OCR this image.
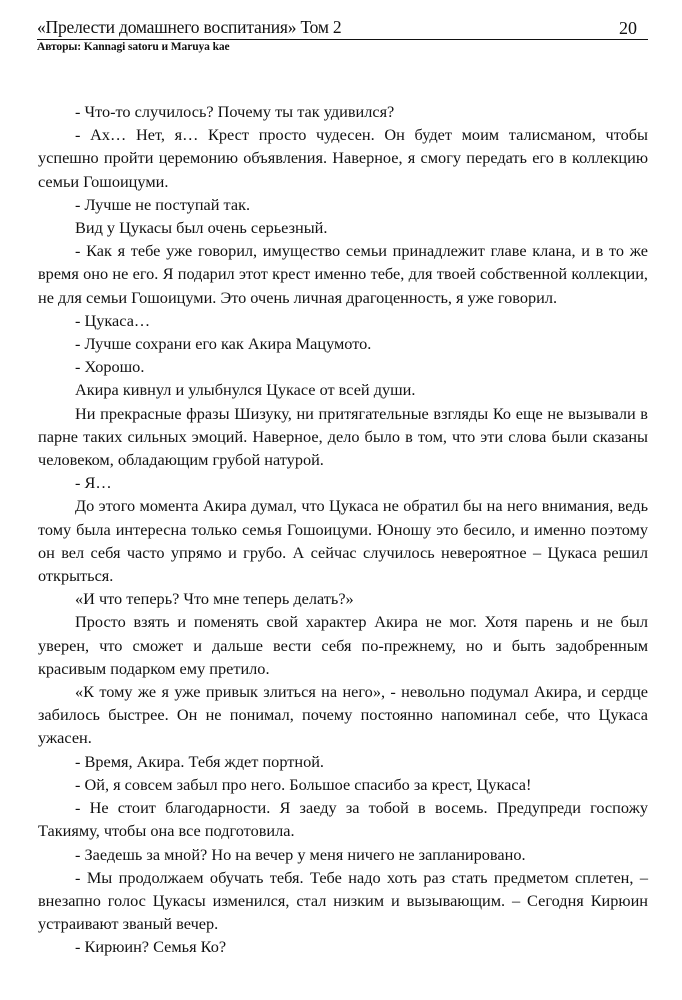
«Прелести домашнего воспитания» Том 2
Авторы: Kannagi satoru и Maruya kae
20

- Что-то случилось? Почему ты так удивился?

- Ах… Нет, я… Крест просто чудесен. Он будет моим талисманом, чтобы успешно пройти церемонию объявления. Наверное, я смогу передать его в коллекцию семьи Гошоицуми.

- Лучше не поступай так.

Вид у Цукасы был очень серьезный.

- Как я тебе уже говорил, имущество семьи принадлежит главе клана, и в то же время оно не его. Я подарил этот крест именно тебе, для твоей собственной коллекции, не для семьи Гошоицуми. Это очень личная драгоценность, я уже говорил.

- Цукаса…

- Лучше сохрани его как Акира Мацумото.

- Хорошо.

Акира кивнул и улыбнулся Цукасе от всей души.

Ни прекрасные фразы Шизуку, ни притягательные взгляды Ко еще не вызывали в парне таких сильных эмоций. Наверное, дело было в том, что эти слова были сказаны человеком, обладающим грубой натурой.

- Я…

До этого момента Акира думал, что Цукаса не обратил бы на него внимания, ведь тому была интересна только семья Гошоицуми. Юношу это бесило, и именно поэтому он вел себя часто упрямо и грубо. А сейчас случилось невероятное – Цукаса решил открыться.

«И что теперь? Что мне теперь делать?»

Просто взять и поменять свой характер Акира не мог. Хотя парень и не был уверен, что сможет и дальше вести себя по-прежнему, но и быть задобренным красивым подарком ему претило.

«К тому же я уже привык злиться на него», - невольно подумал Акира, и сердце забилось быстрее. Он не понимал, почему постоянно напоминал себе, что Цукаса ужасен.

- Время, Акира. Тебя ждет портной.

- Ой, я совсем забыл про него. Большое спасибо за крест, Цукаса!

- Не стоит благодарности. Я заеду за тобой в восемь. Предупреди госпожу Такияму, чтобы она все подготовила.

- Заедешь за мной? Но на вечер у меня ничего не запланировано.

- Мы продолжаем обучать тебя. Тебе надо хоть раз стать предметом сплетен, – внезапно голос Цукасы изменился, стал низким и вызывающим. – Сегодня Кирюин устраивают званый вечер.

- Кирюин? Семья Ко?
